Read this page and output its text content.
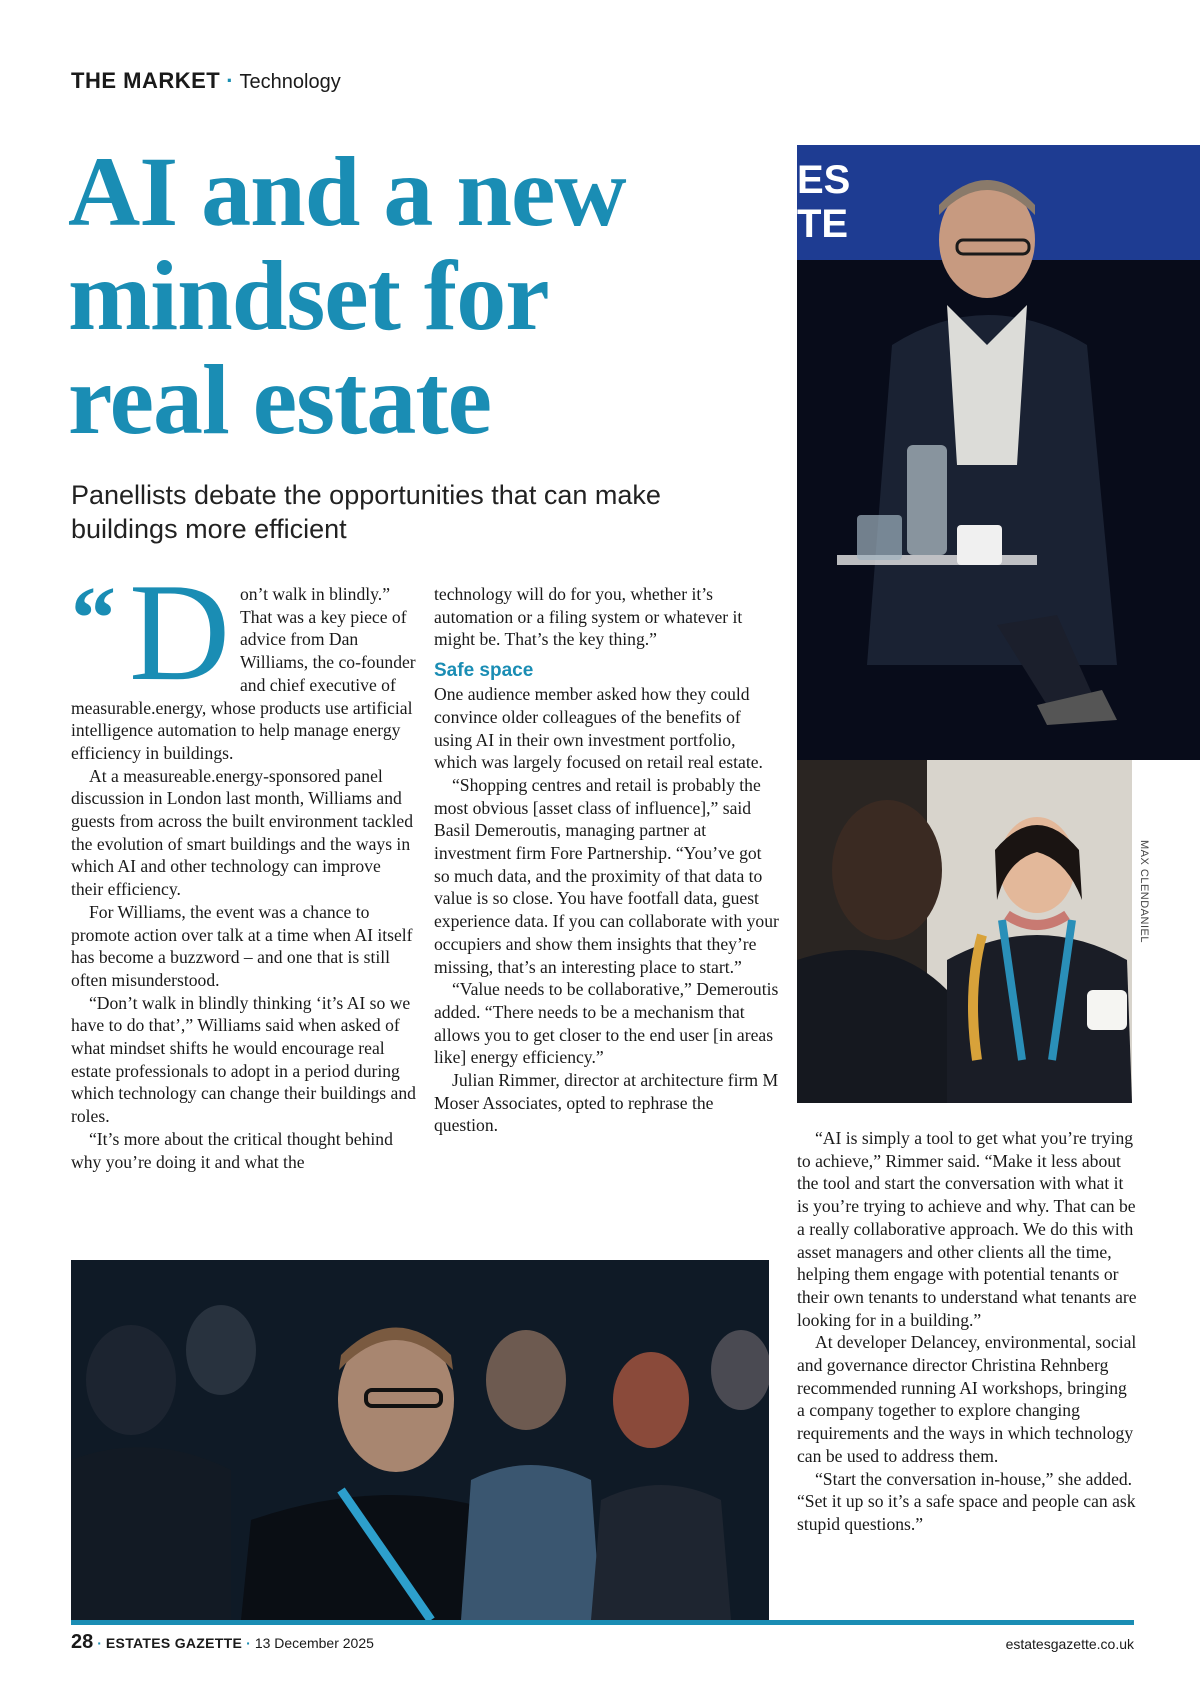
THE MARKET · Technology
AI and a new mindset for real estate
Panellists debate the opportunities that can make buildings more efficient
“ D on’t walk in blindly.” That was a key piece of advice from Dan Williams, the co-founder and chief executive of measurable.energy, whose products use artificial intelligence automation to help manage energy efficiency in buildings.

At a measureable.energy-sponsored panel discussion in London last month, Williams and guests from across the built environment tackled the evolution of smart buildings and the ways in which AI and other technology can improve their efficiency.

For Williams, the event was a chance to promote action over talk at a time when AI itself has become a buzzword – and one that is still often misunderstood.

“Don’t walk in blindly thinking ‘it’s AI so we have to do that’,” Williams said when asked of what mindset shifts he would encourage real estate professionals to adopt in a period during which technology can change their buildings and roles.

“It’s more about the critical thought behind why you’re doing it and what the

technology will do for you, whether it’s automation or a filing system or whatever it might be. That’s the key thing.”

Safe space

One audience member asked how they could convince older colleagues of the benefits of using AI in their own investment portfolio, which was largely focused on retail real estate.

“Shopping centres and retail is probably the most obvious [asset class of influence],” said Basil Demeroutis, managing partner at investment firm Fore Partnership. “You’ve got so much data, and the proximity of that data to value is so close. You have footfall data, guest experience data. If you can collaborate with your occupiers and show them insights that they’re missing, that’s an interesting place to start.”

“Value needs to be collaborative,” Demeroutis added. “There needs to be a mechanism that allows you to get closer to the end user [in areas like] energy efficiency.”

Julian Rimmer, director at architecture firm M Moser Associates, opted to rephrase the question.

ES
TE
MAX CLENDANIEL

“AI is simply a tool to get what you’re trying to achieve,” Rimmer said. “Make it less about the tool and start the conversation with what it is you’re trying to achieve and why. That can be a really collaborative approach. We do this with asset managers and other clients all the time, helping them engage with potential tenants or their own tenants to understand what tenants are looking for in a building.”

At developer Delancey, environmental, social and governance director Christina Rehnberg recommended running AI workshops, bringing a company together to explore changing requirements and the ways in which technology can be used to address them.

“Start the conversation in-house,” she added. “Set it up so it’s a safe space and people can ask stupid questions.”

28 · ESTATES GAZETTE · 13 December 2025	estatesgazette.co.uk
